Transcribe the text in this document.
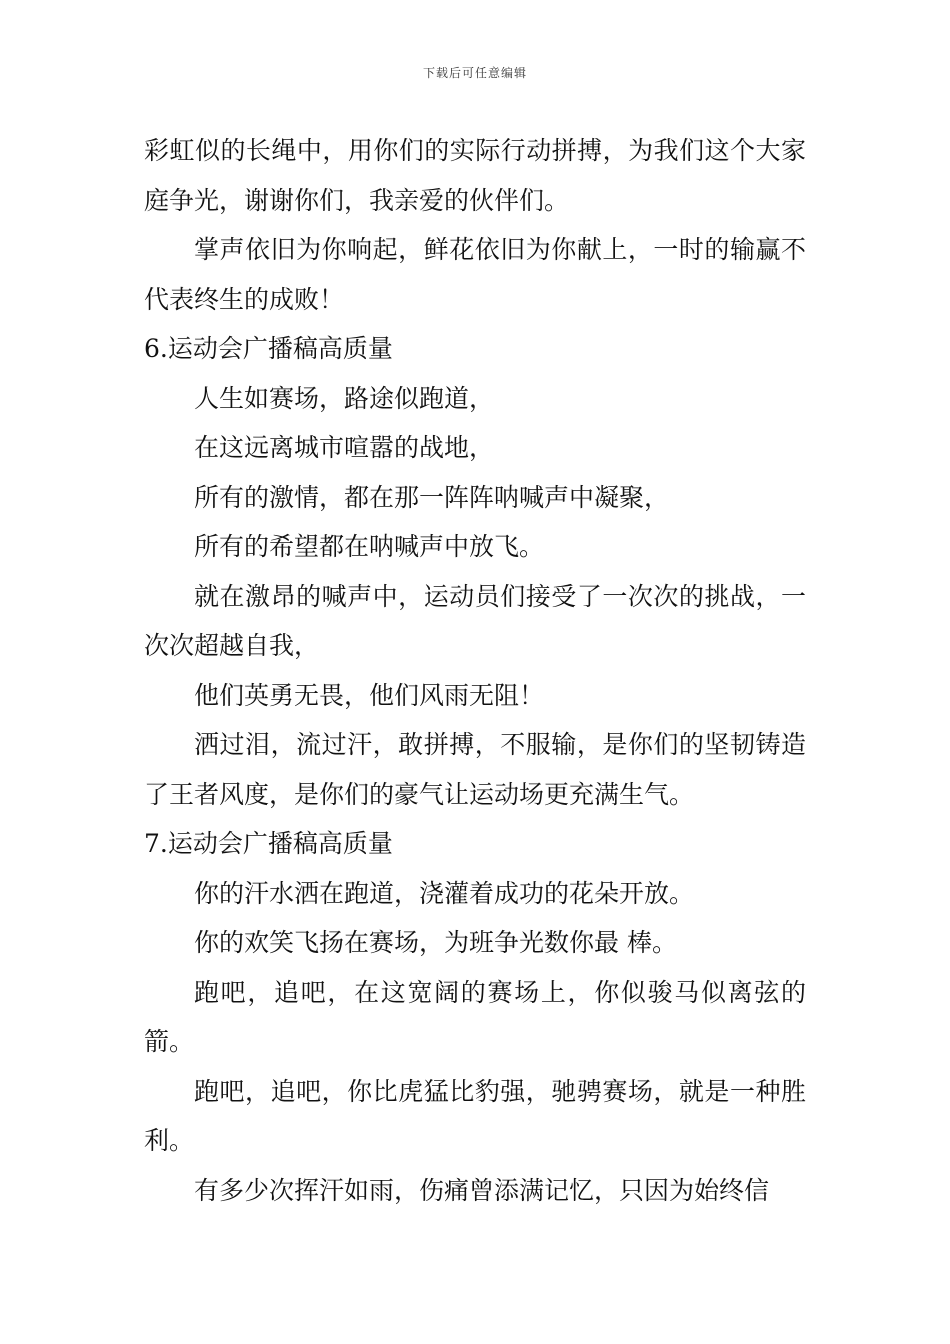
下载后可任意编辑

彩虹似的长绳中，用你们的实际行动拼搏，为我们这个大家庭争光，谢谢你们，我亲爱的伙伴们。

掌声依旧为你响起，鲜花依旧为你献上，一时的输赢不代表终生的成败！

6.运动会广播稿高质量

人生如赛场，路途似跑道，

在这远离城市喧嚣的战地，

所有的激情，都在那一阵阵呐喊声中凝聚，

所有的希望都在呐喊声中放飞。

就在激昂的喊声中，运动员们接受了一次次的挑战，一次次超越自我，

他们英勇无畏，他们风雨无阻！

洒过泪，流过汗，敢拼搏，不服输，是你们的坚韧铸造了王者风度，是你们的豪气让运动场更充满生气。

7.运动会广播稿高质量

你的汗水洒在跑道，浇灌着成功的花朵开放。

你的欢笑飞扬在赛场，为班争光数你最 棒。

跑吧，追吧，在这宽阔的赛场上，你似骏马似离弦的箭。

跑吧，追吧，你比虎猛比豹强，驰骋赛场，就是一种胜利。

有多少次挥汗如雨，伤痛曾添满记忆，只因为始终信
